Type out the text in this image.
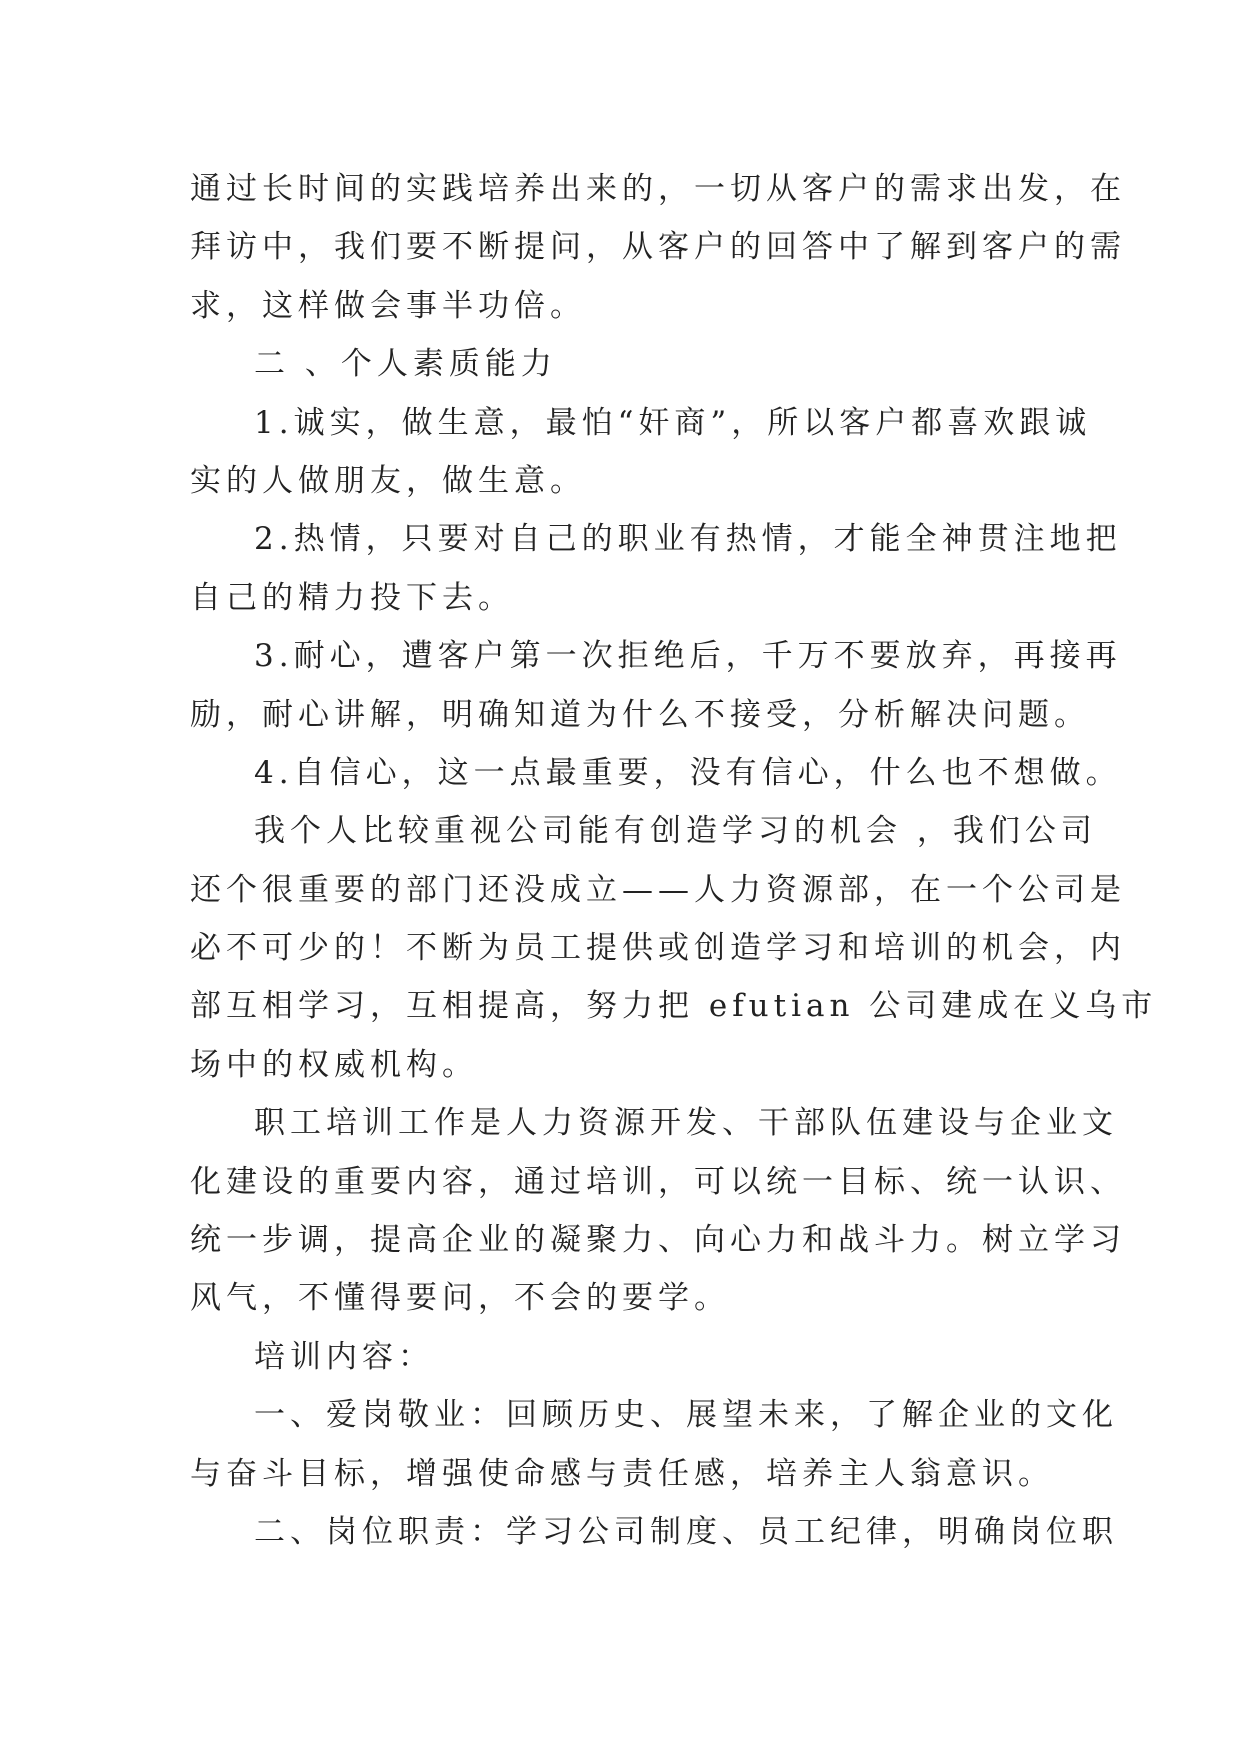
通过长时间的实践培养出来的，一切从客户的需求出发，在
拜访中，我们要不断提问，从客户的回答中了解到客户的需
求，这样做会事半功倍。
二 、个人素质能力
1.诚实，做生意，最怕“奸商”，所以客户都喜欢跟诚
实的人做朋友，做生意。
2.热情，只要对自己的职业有热情，才能全神贯注地把
自己的精力投下去。
3.耐心，遭客户第一次拒绝后，千万不要放弃，再接再
励，耐心讲解，明确知道为什么不接受，分析解决问题。
4.自信心，这一点最重要，没有信心，什么也不想做。
我个人比较重视公司能有创造学习的机会 ，我们公司
还个很重要的部门还没成立——人力资源部，在一个公司是
必不可少的！不断为员工提供或创造学习和培训的机会，内
部互相学习，互相提高，努力把 efutian 公司建成在义乌市
场中的权威机构。
职工培训工作是人力资源开发、干部队伍建设与企业文
化建设的重要内容，通过培训，可以统一目标、统一认识、
统一步调，提高企业的凝聚力、向心力和战斗力。树立学习
风气，不懂得要问，不会的要学。
培训内容：
一、爱岗敬业：回顾历史、展望未来，了解企业的文化
与奋斗目标，增强使命感与责任感，培养主人翁意识。
二、岗位职责：学习公司制度、员工纪律，明确岗位职
